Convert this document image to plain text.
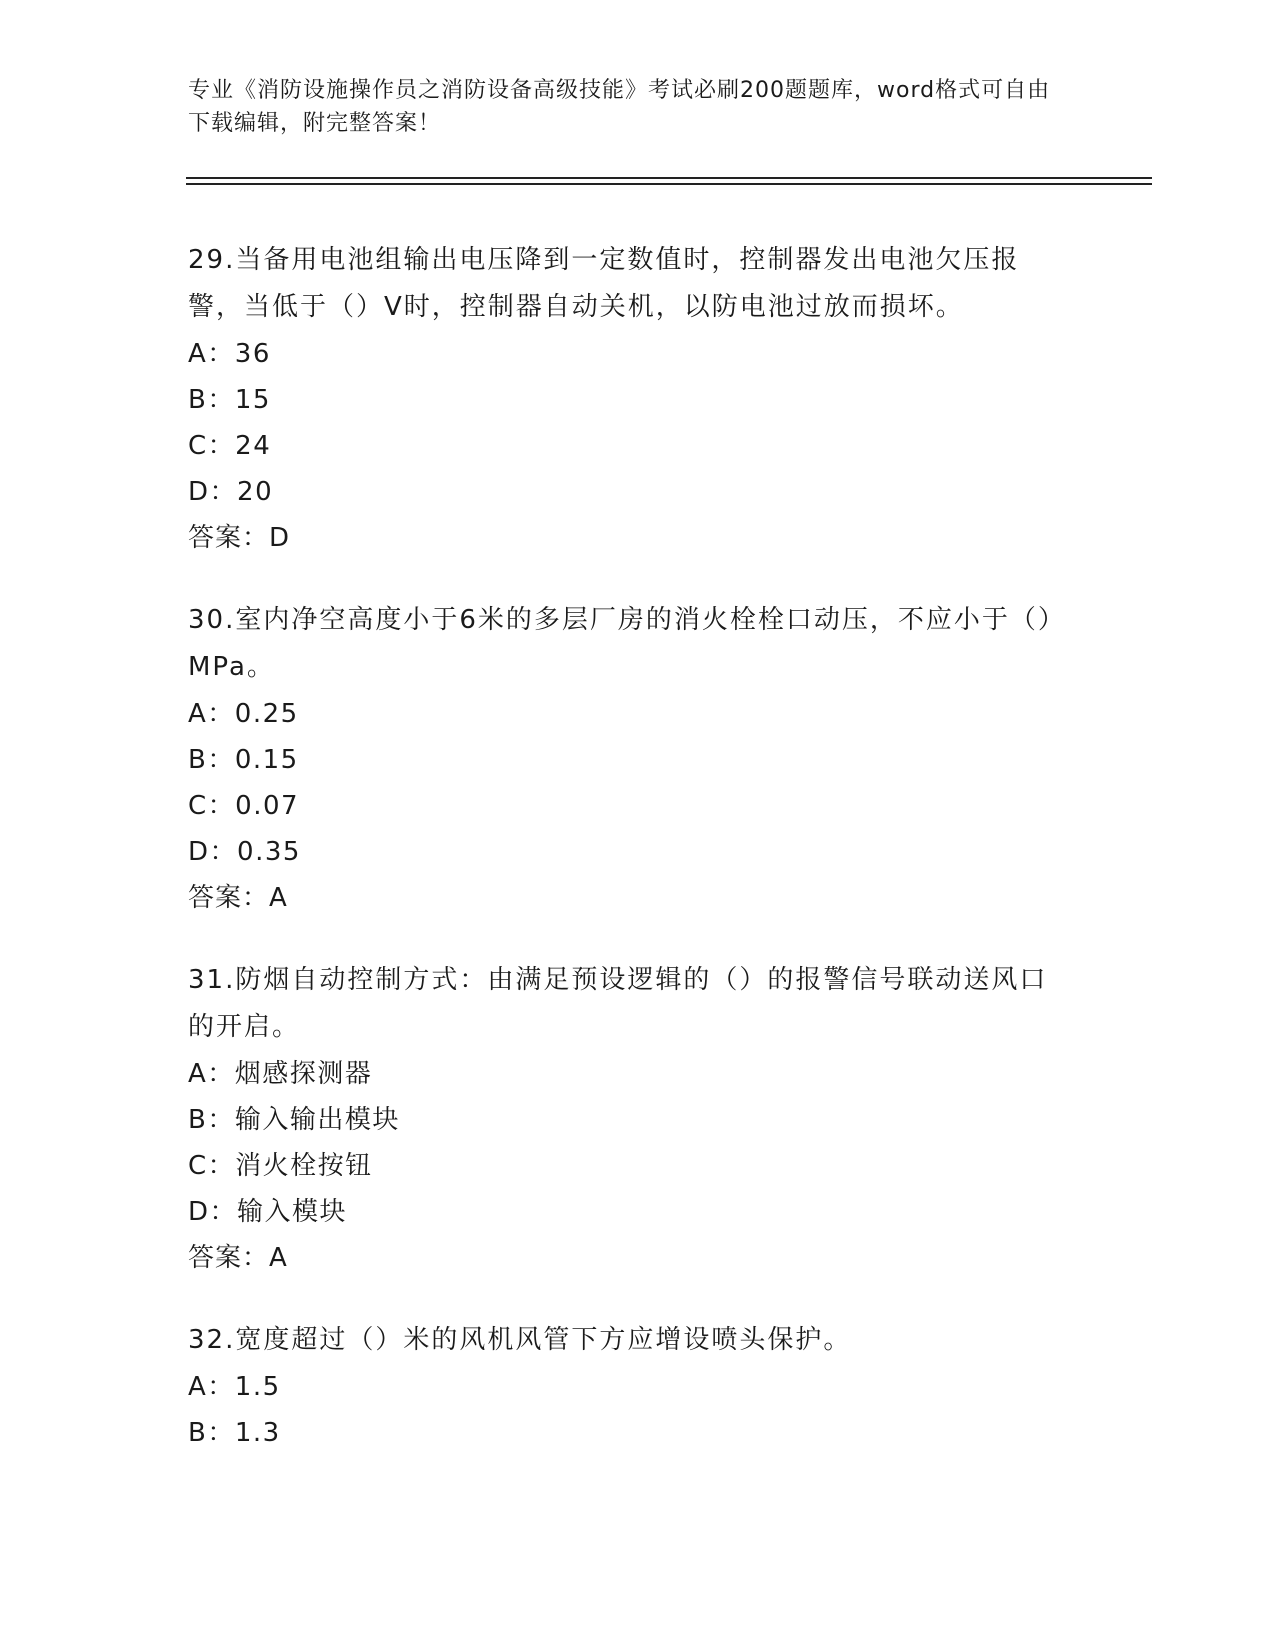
专业《消防设施操作员之消防设备高级技能》考试必刷200题题库，word格式可自由下载编辑，附完整答案！

29.当备用电池组输出电压降到一定数值时，控制器发出电池欠压报警，当低于（）V时，控制器自动关机，以防电池过放而损坏。

A：36

B：15

C：24

D：20

答案：D

30.室内净空高度小于6米的多层厂房的消火栓栓口动压，不应小于（）MPa。

A：0.25

B：0.15

C：0.07

D：0.35

答案：A

31.防烟自动控制方式：由满足预设逻辑的（）的报警信号联动送风口的开启。

A：烟感探测器

B：输入输出模块

C：消火栓按钮

D：输入模块

答案：A

32.宽度超过（）米的风机风管下方应增设喷头保护。

A：1.5

B：1.3
